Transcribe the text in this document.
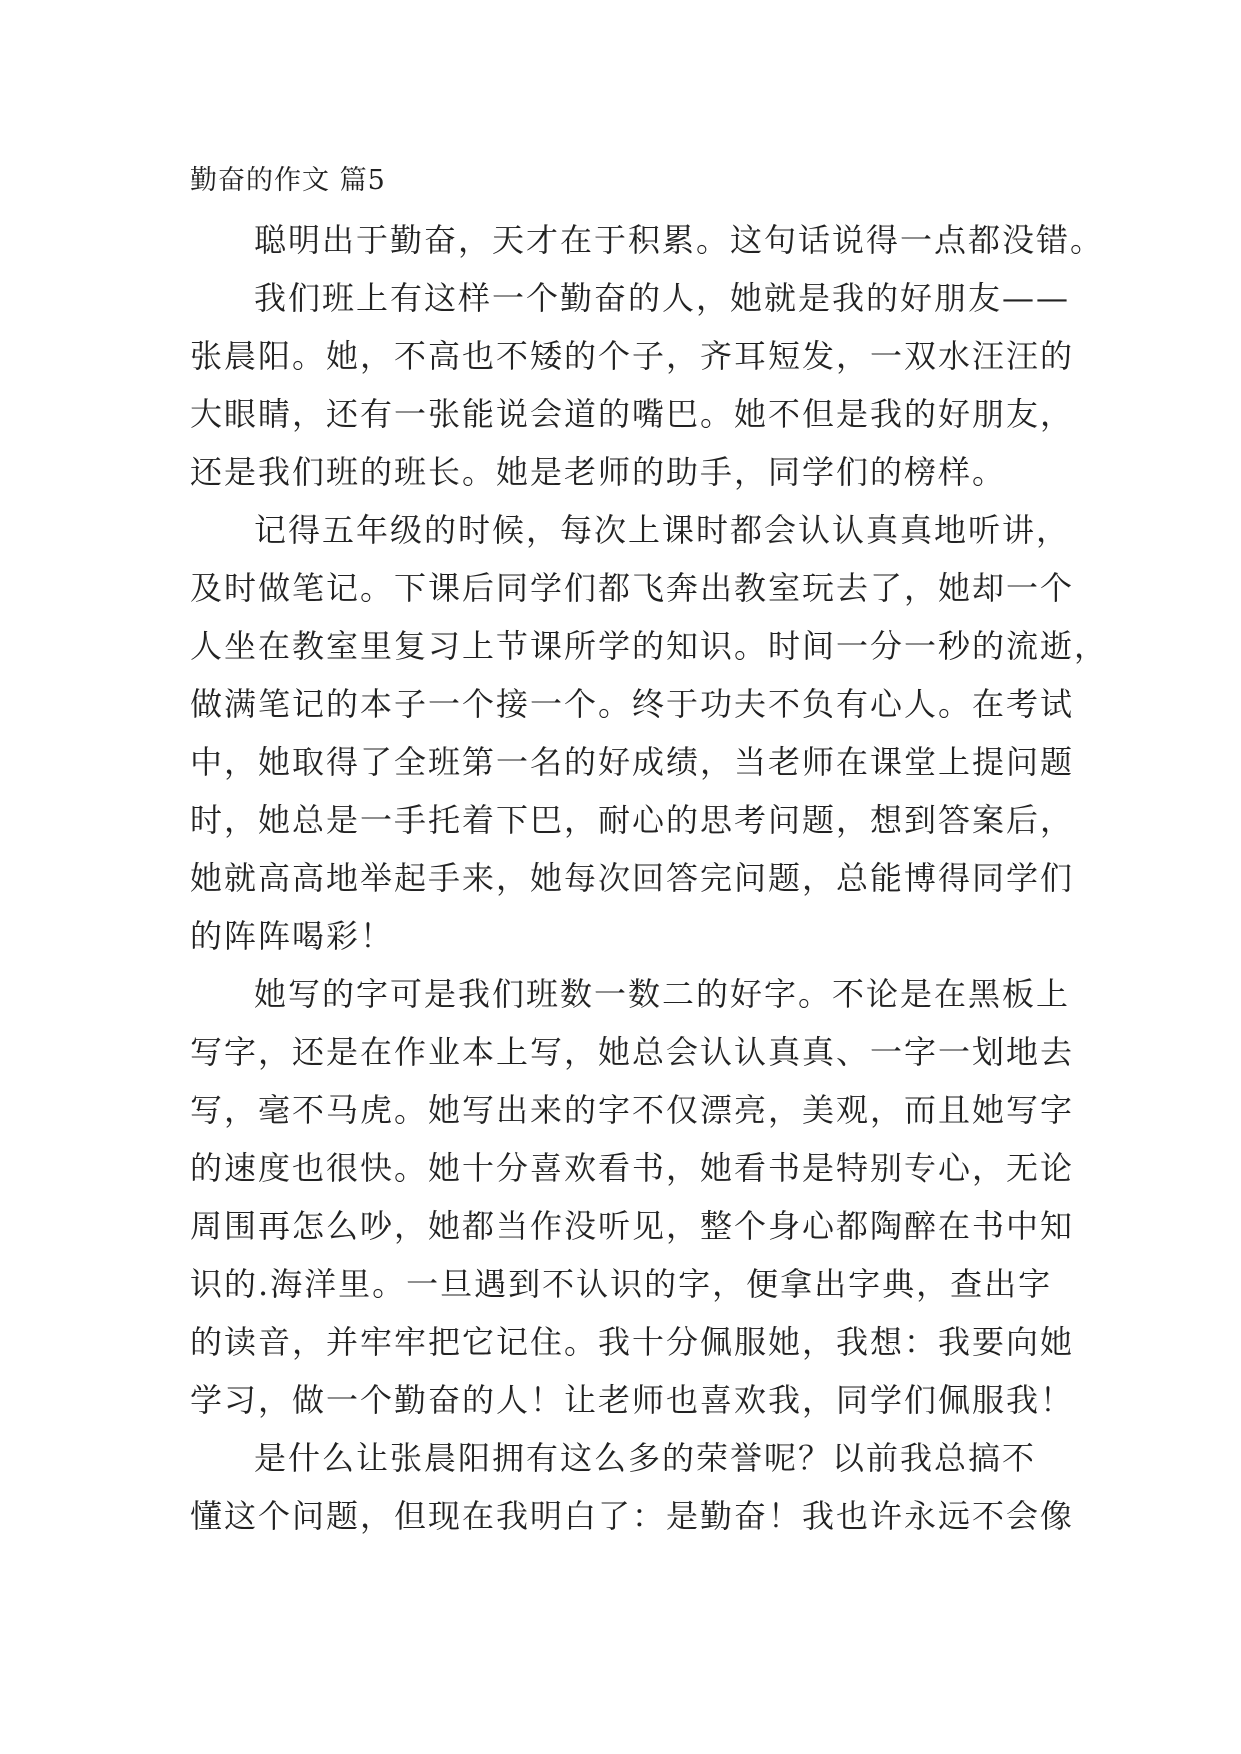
勤奋的作文 篇5
聪明出于勤奋，天才在于积累。这句话说得一点都没错。
我们班上有这样一个勤奋的人，她就是我的好朋友——
张晨阳。她，不高也不矮的个子，齐耳短发，一双水汪汪的
大眼睛，还有一张能说会道的嘴巴。她不但是我的好朋友，
还是我们班的班长。她是老师的助手，同学们的榜样。
记得五年级的时候，每次上课时都会认认真真地听讲，
及时做笔记。下课后同学们都飞奔出教室玩去了，她却一个
人坐在教室里复习上节课所学的知识。时间一分一秒的流逝，
做满笔记的本子一个接一个。终于功夫不负有心人。在考试
中，她取得了全班第一名的好成绩，当老师在课堂上提问题
时，她总是一手托着下巴，耐心的思考问题，想到答案后，
她就高高地举起手来，她每次回答完问题，总能博得同学们
的阵阵喝彩！
她写的字可是我们班数一数二的好字。不论是在黑板上
写字，还是在作业本上写，她总会认认真真、一字一划地去
写，毫不马虎。她写出来的字不仅漂亮，美观，而且她写字
的速度也很快。她十分喜欢看书，她看书是特别专心，无论
周围再怎么吵，她都当作没听见，整个身心都陶醉在书中知
识的.海洋里。一旦遇到不认识的字，便拿出字典，查出字
的读音，并牢牢把它记住。我十分佩服她，我想：我要向她
学习，做一个勤奋的人！让老师也喜欢我，同学们佩服我！
是什么让张晨阳拥有这么多的荣誉呢？以前我总搞不
懂这个问题，但现在我明白了：是勤奋！我也许永远不会像
